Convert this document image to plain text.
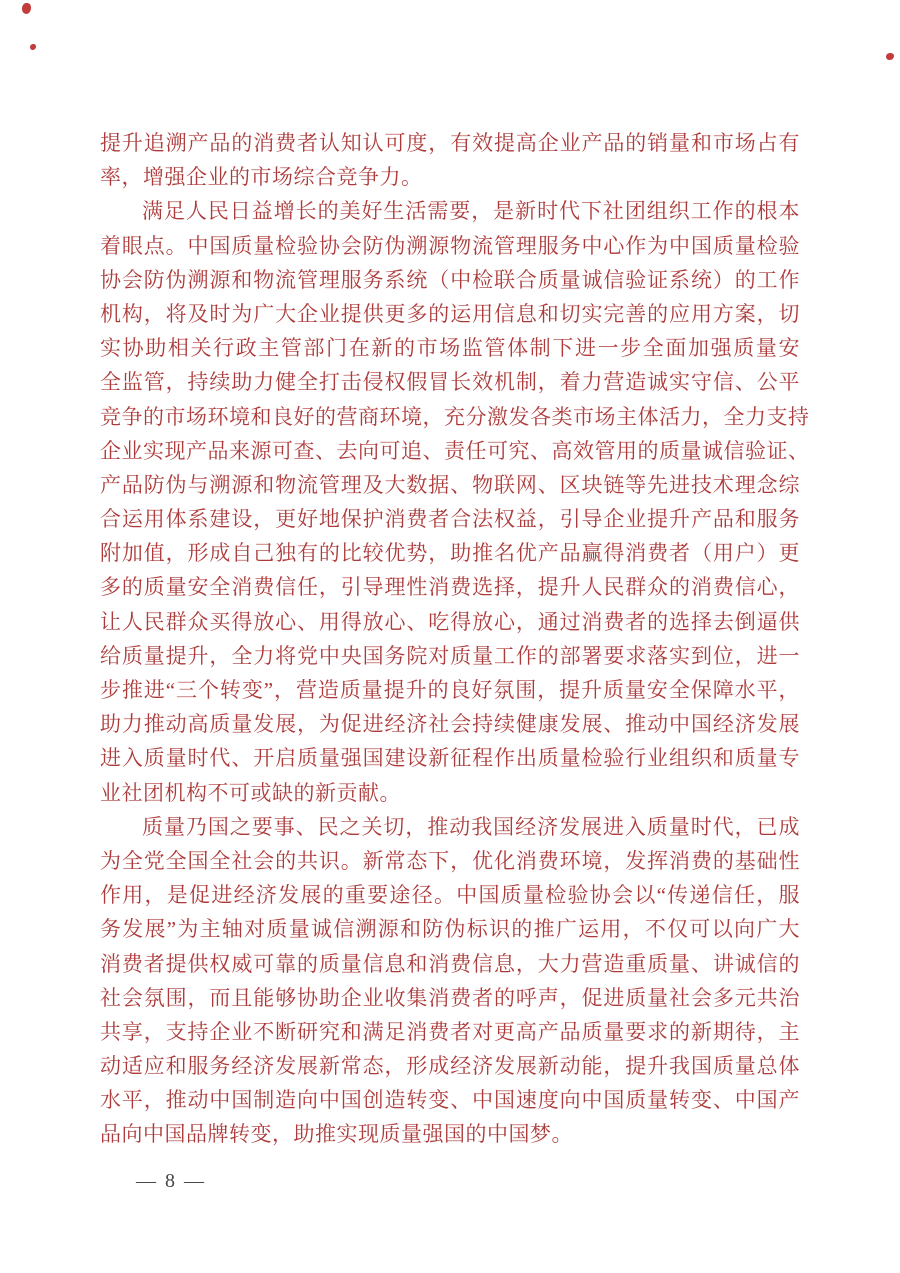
提升追溯产品的消费者认知认可度，有效提高企业产品的销量和市场占有
率，增强企业的市场综合竞争力。
满足人民日益增长的美好生活需要，是新时代下社团组织工作的根本
着眼点。中国质量检验协会防伪溯源物流管理服务中心作为中国质量检验
协会防伪溯源和物流管理服务系统（中检联合质量诚信验证系统）的工作
机构，将及时为广大企业提供更多的运用信息和切实完善的应用方案，切
实协助相关行政主管部门在新的市场监管体制下进一步全面加强质量安
全监管，持续助力健全打击侵权假冒长效机制，着力营造诚实守信、公平
竞争的市场环境和良好的营商环境，充分激发各类市场主体活力，全力支持
企业实现产品来源可查、去向可追、责任可究、高效管用的质量诚信验证、
产品防伪与溯源和物流管理及大数据、物联网、区块链等先进技术理念综
合运用体系建设，更好地保护消费者合法权益，引导企业提升产品和服务
附加值，形成自己独有的比较优势，助推名优产品赢得消费者（用户）更
多的质量安全消费信任，引导理性消费选择，提升人民群众的消费信心，
让人民群众买得放心、用得放心、吃得放心，通过消费者的选择去倒逼供
给质量提升，全力将党中央国务院对质量工作的部署要求落实到位，进一
步推进“三个转变”，营造质量提升的良好氛围，提升质量安全保障水平，
助力推动高质量发展，为促进经济社会持续健康发展、推动中国经济发展
进入质量时代、开启质量强国建设新征程作出质量检验行业组织和质量专
业社团机构不可或缺的新贡献。
质量乃国之要事、民之关切，推动我国经济发展进入质量时代，已成
为全党全国全社会的共识。新常态下，优化消费环境，发挥消费的基础性
作用，是促进经济发展的重要途径。中国质量检验协会以“传递信任，服
务发展”为主轴对质量诚信溯源和防伪标识的推广运用，不仅可以向广大
消费者提供权威可靠的质量信息和消费信息，大力营造重质量、讲诚信的
社会氛围，而且能够协助企业收集消费者的呼声，促进质量社会多元共治
共享，支持企业不断研究和满足消费者对更高产品质量要求的新期待，主
动适应和服务经济发展新常态，形成经济发展新动能，提升我国质量总体
水平，推动中国制造向中国创造转变、中国速度向中国质量转变、中国产
品向中国品牌转变，助推实现质量强国的中国梦。
— 8 —
